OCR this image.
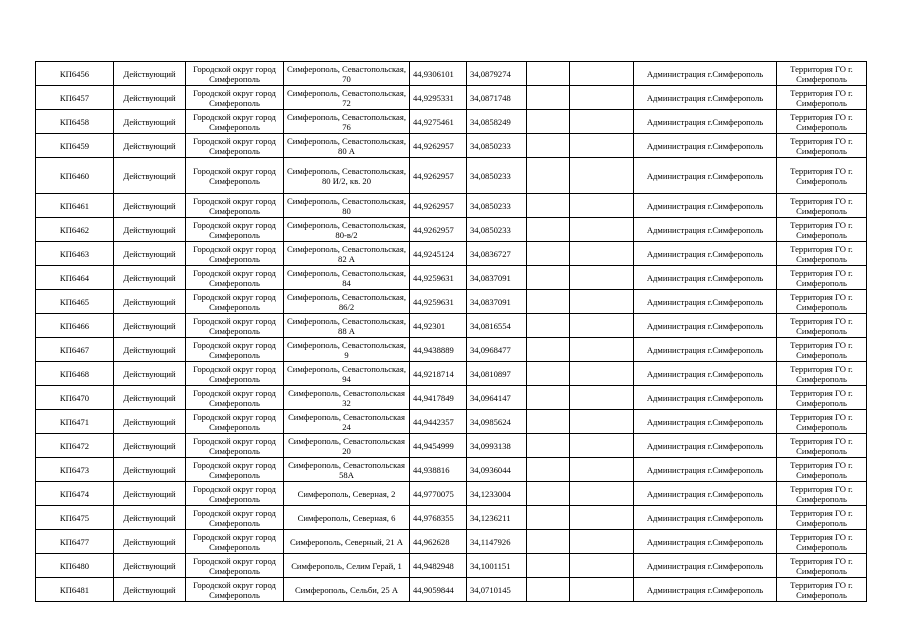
КП6456	Действующий	Городской округ город Симферополь	Симферополь, Севастопольская, 70	44,9306101	34,0879274			Администрация г.Симферополь	Территория ГО г. Симферополь
КП6457	Действующий	Городской округ город Симферополь	Симферополь, Севастопольская, 72	44,9295331	34,0871748			Администрация г.Симферополь	Территория ГО г. Симферополь
КП6458	Действующий	Городской округ город Симферополь	Симферополь, Севастопольская, 76	44,9275461	34,0858249			Администрация г.Симферополь	Территория ГО г. Симферополь
КП6459	Действующий	Городской округ город Симферополь	Симферополь, Севастопольская, 80 А	44,9262957	34,0850233			Администрация г.Симферополь	Территория ГО г. Симферополь
КП6460	Действующий	Городской округ город Симферополь	Симферополь, Севастопольская, 80 И/2, кв. 20	44,9262957	34,0850233			Администрация г.Симферополь	Территория ГО г. Симферополь
КП6461	Действующий	Городской округ город Симферополь	Симферополь, Севастопольская, 80	44,9262957	34,0850233			Администрация г.Симферополь	Территория ГО г. Симферополь
КП6462	Действующий	Городской округ город Симферополь	Симферополь, Севастопольская, 80-в/2	44,9262957	34,0850233			Администрация г.Симферополь	Территория ГО г. Симферополь
КП6463	Действующий	Городской округ город Симферополь	Симферополь, Севастопольская, 82 А	44,9245124	34,0836727			Администрация г.Симферополь	Территория ГО г. Симферополь
КП6464	Действующий	Городской округ город Симферополь	Симферополь, Севастопольская, 84	44,9259631	34,0837091			Администрация г.Симферополь	Территория ГО г. Симферополь
КП6465	Действующий	Городской округ город Симферополь	Симферополь, Севастопольская, 86/2	44,9259631	34,0837091			Администрация г.Симферополь	Территория ГО г. Симферополь
КП6466	Действующий	Городской округ город Симферополь	Симферополь, Севастопольская, 88 А	44,92301	34,0816554			Администрация г.Симферополь	Территория ГО г. Симферополь
КП6467	Действующий	Городской округ город Симферополь	Симферополь, Севастопольская, 9	44,9438889	34,0968477			Администрация г.Симферополь	Территория ГО г. Симферополь
КП6468	Действующий	Городской округ город Симферополь	Симферополь, Севастопольская, 94	44,9218714	34,0810897			Администрация г.Симферополь	Территория ГО г. Симферополь
КП6470	Действующий	Городской округ город Симферополь	Симферополь, Севастопольская 32	44,9417849	34,0964147			Администрация г.Симферополь	Территория ГО г. Симферополь
КП6471	Действующий	Городской округ город Симферополь	Симферополь, Севастопольская 24	44,9442357	34,0985624			Администрация г.Симферополь	Территория ГО г. Симферополь
КП6472	Действующий	Городской округ город Симферополь	Симферополь, Севастопольская 20	44,9454999	34,0993138			Администрация г.Симферополь	Территория ГО г. Симферополь
КП6473	Действующий	Городской округ город Симферополь	Симферополь, Севастопольская 58А	44,938816	34,0936044			Администрация г.Симферополь	Территория ГО г. Симферополь
КП6474	Действующий	Городской округ город Симферополь	Симферополь, Северная, 2	44,9770075	34,1233004			Администрация г.Симферополь	Территория ГО г. Симферополь
КП6475	Действующий	Городской округ город Симферополь	Симферополь, Северная, 6	44,9768355	34,1236211			Администрация г.Симферополь	Территория ГО г. Симферополь
КП6477	Действующий	Городской округ город Симферополь	Симферополь, Северный, 21 А	44,962628	34,1147926			Администрация г.Симферополь	Территория ГО г. Симферополь
КП6480	Действующий	Городской округ город Симферополь	Симферополь, Селим Герай, 1	44,9482948	34,1001151			Администрация г.Симферополь	Территория ГО г. Симферополь
КП6481	Действующий	Городской округ город Симферополь	Симферополь, Сельби, 25 А	44,9059844	34,0710145			Администрация г.Симферополь	Территория ГО г. Симферополь
